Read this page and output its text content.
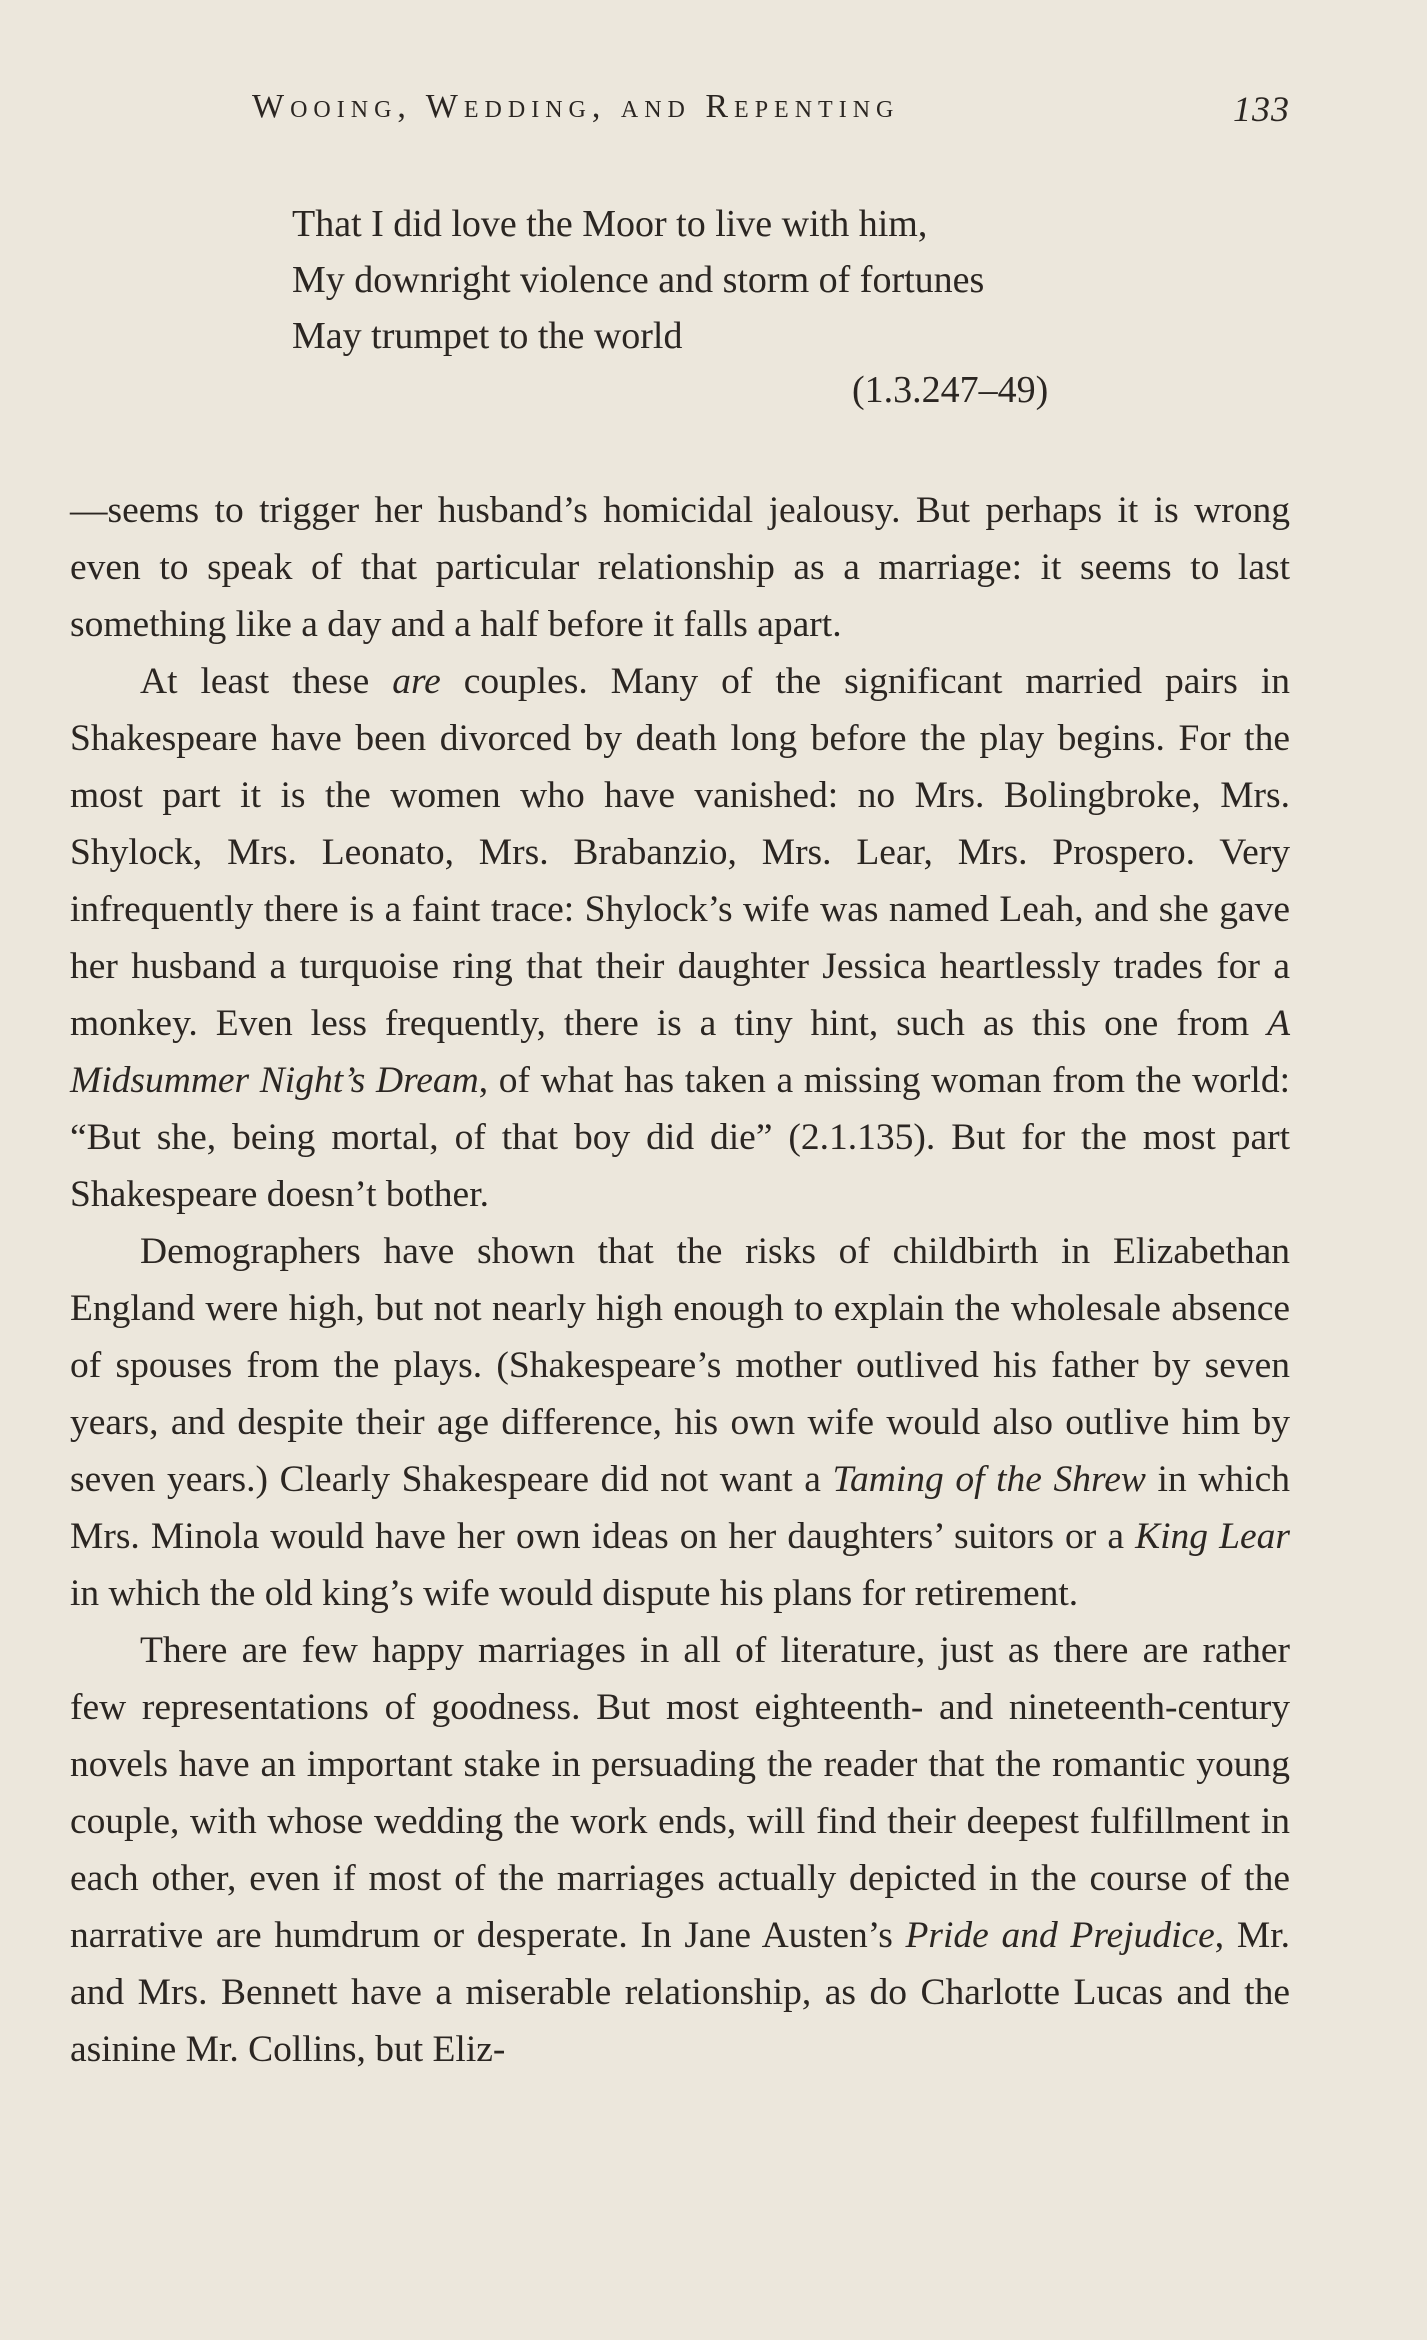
Wooing, Wedding, and Repenting	133
That I did love the Moor to live with him,
My downright violence and storm of fortunes
May trumpet to the world
(1.3.247–49)

—seems to trigger her husband’s homicidal jealousy. But perhaps it is wrong even to speak of that particular relationship as a marriage: it seems to last something like a day and a half before it falls apart.

At least these are couples. Many of the significant married pairs in Shakespeare have been divorced by death long before the play begins. For the most part it is the women who have vanished: no Mrs. Bolingbroke, Mrs. Shylock, Mrs. Leonato, Mrs. Brabanzio, Mrs. Lear, Mrs. Prospero. Very infrequently there is a faint trace: Shylock’s wife was named Leah, and she gave her husband a turquoise ring that their daughter Jessica heartlessly trades for a monkey. Even less frequently, there is a tiny hint, such as this one from A Midsummer Night’s Dream, of what has taken a missing woman from the world: “But she, being mortal, of that boy did die” (2.1.135). But for the most part Shakespeare doesn’t bother.

Demographers have shown that the risks of childbirth in Elizabethan England were high, but not nearly high enough to explain the wholesale absence of spouses from the plays. (Shakespeare’s mother outlived his father by seven years, and despite their age difference, his own wife would also outlive him by seven years.) Clearly Shakespeare did not want a Taming of the Shrew in which Mrs. Minola would have her own ideas on her daughters’ suitors or a King Lear in which the old king’s wife would dispute his plans for retirement.

There are few happy marriages in all of literature, just as there are rather few representations of goodness. But most eighteenth- and nineteenth-century novels have an important stake in persuading the reader that the romantic young couple, with whose wedding the work ends, will find their deepest fulfillment in each other, even if most of the marriages actually depicted in the course of the narrative are humdrum or desperate. In Jane Austen’s Pride and Prejudice, Mr. and Mrs. Bennett have a miserable relationship, as do Charlotte Lucas and the asinine Mr. Collins, but Eliz-
